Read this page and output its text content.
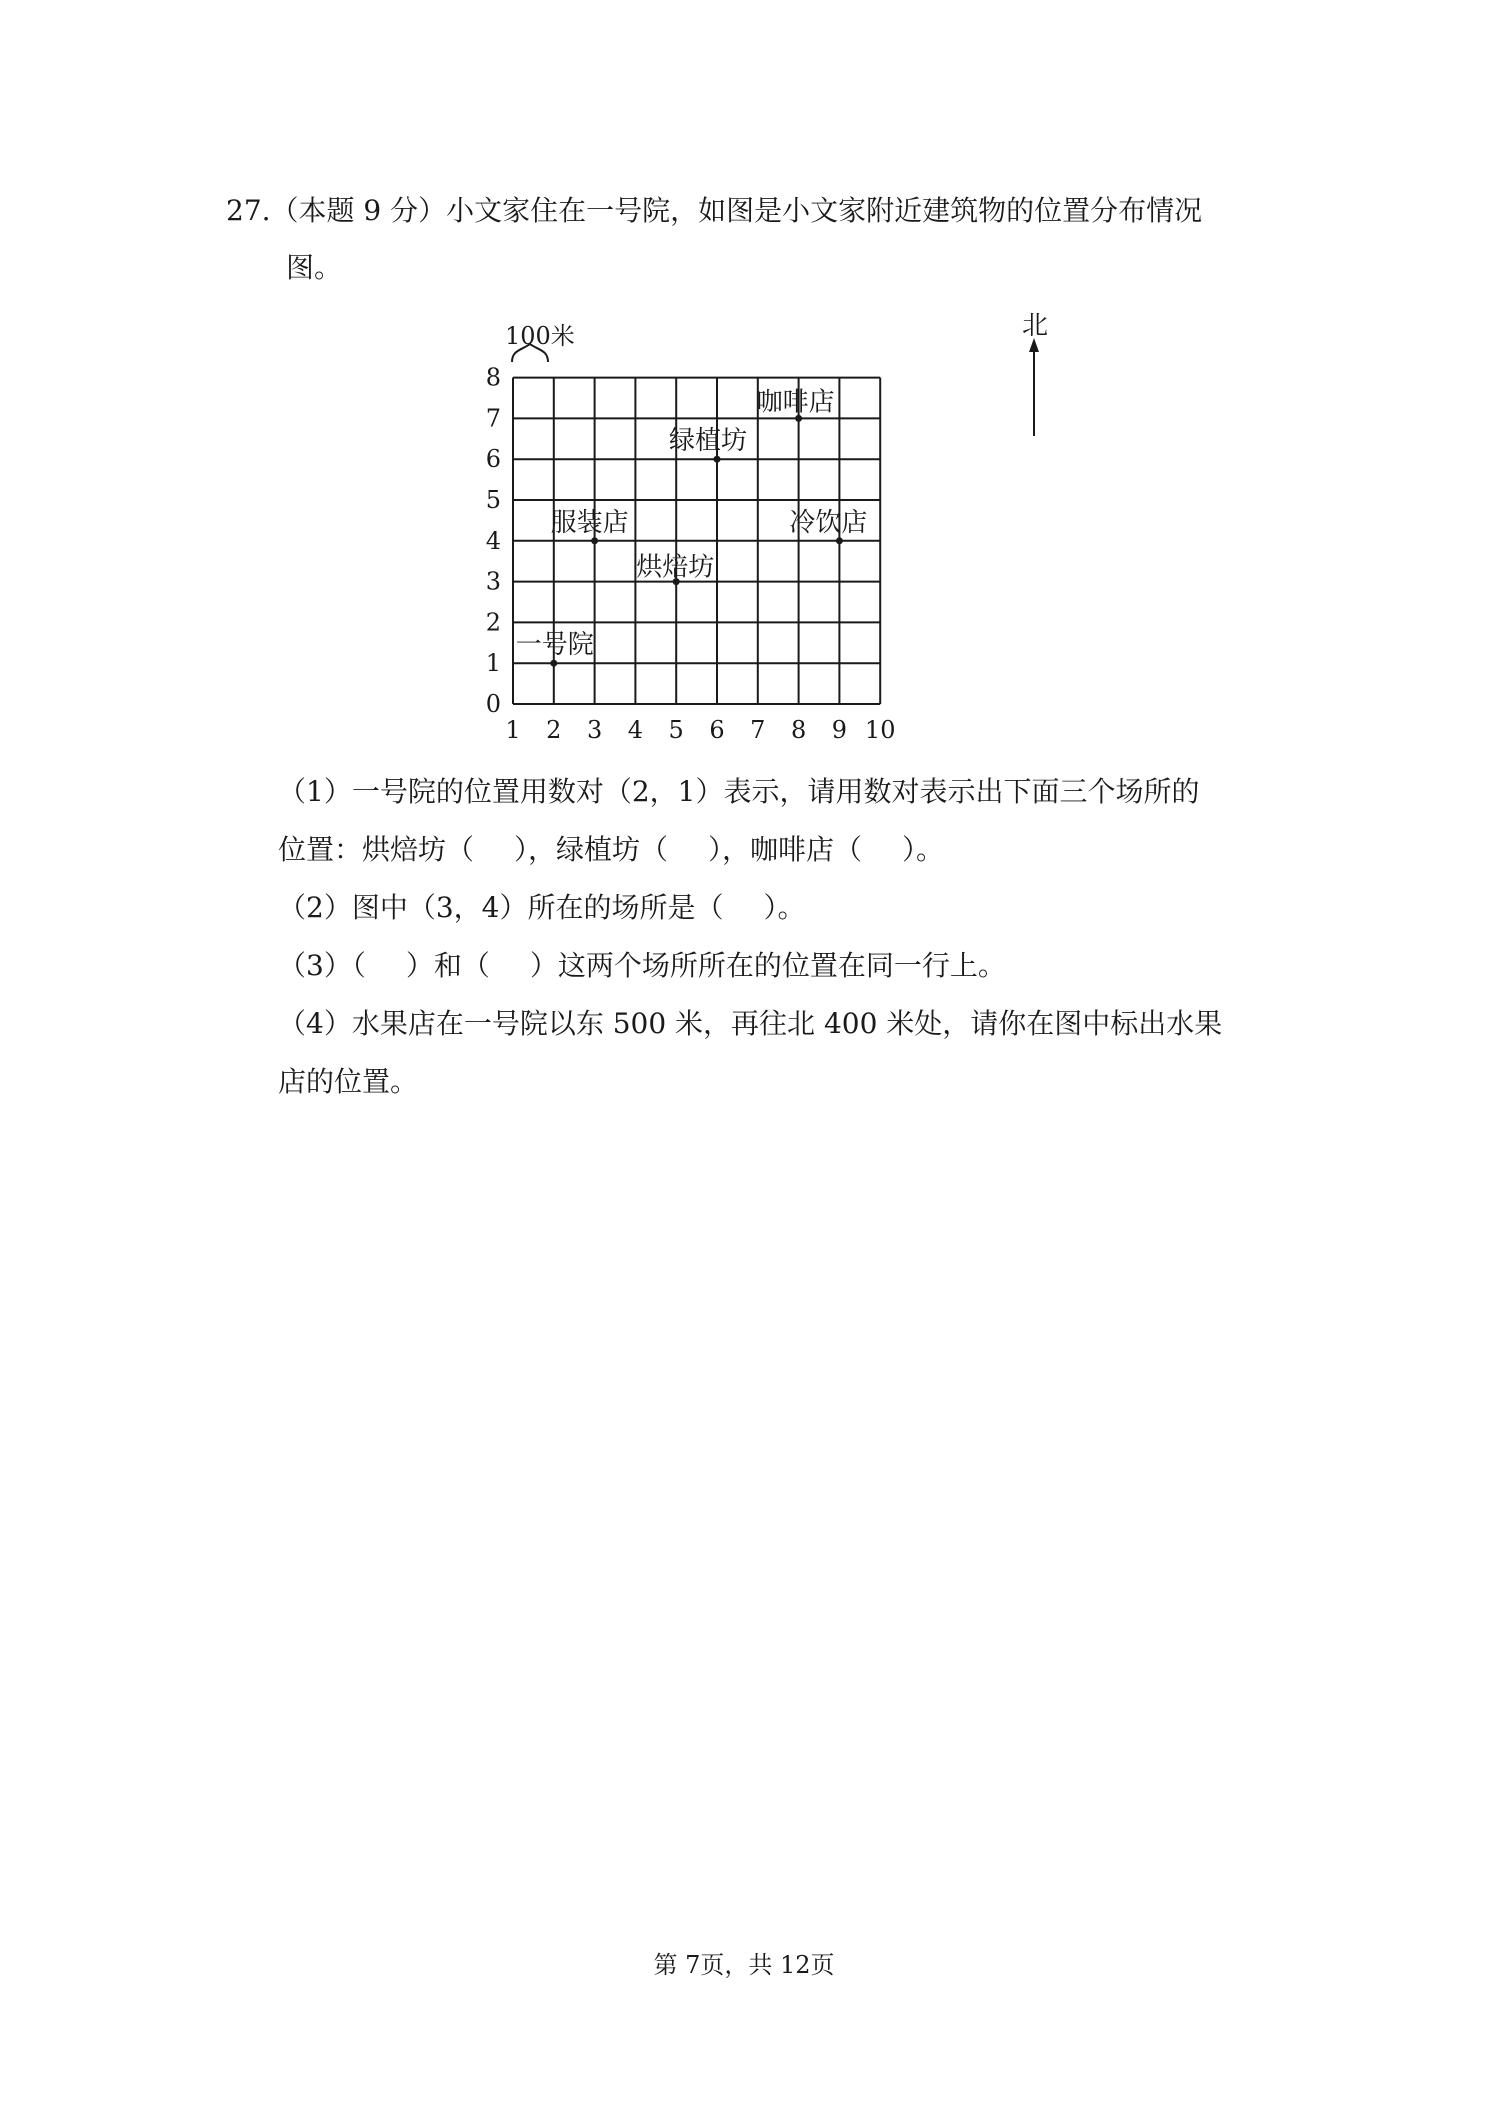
27.（本题 9 分）小文家住在一号院，如图是小文家附近建筑物的位置分布情况
图。
100米	北
1 2 3 4 5 6 7 8 9 10
0
1
2
3
4
5
6
7
8
一号院
服装店
烘焙坊
绿植坊
咖啡店
冷饮店
（1）一号院的位置用数对（2，1）表示，请用数对表示出下面三个场所的
位置：烘焙坊（ ），绿植坊（ ），咖啡店（ ）。
（2）图中（3，4）所在的场所是（ ）。
（3）（ ）和（ ）这两个场所所在的位置在同一行上。
（4）水果店在一号院以东 500 米，再往北 400 米处，请你在图中标出水果
店的位置。
第 7页，共 12页
